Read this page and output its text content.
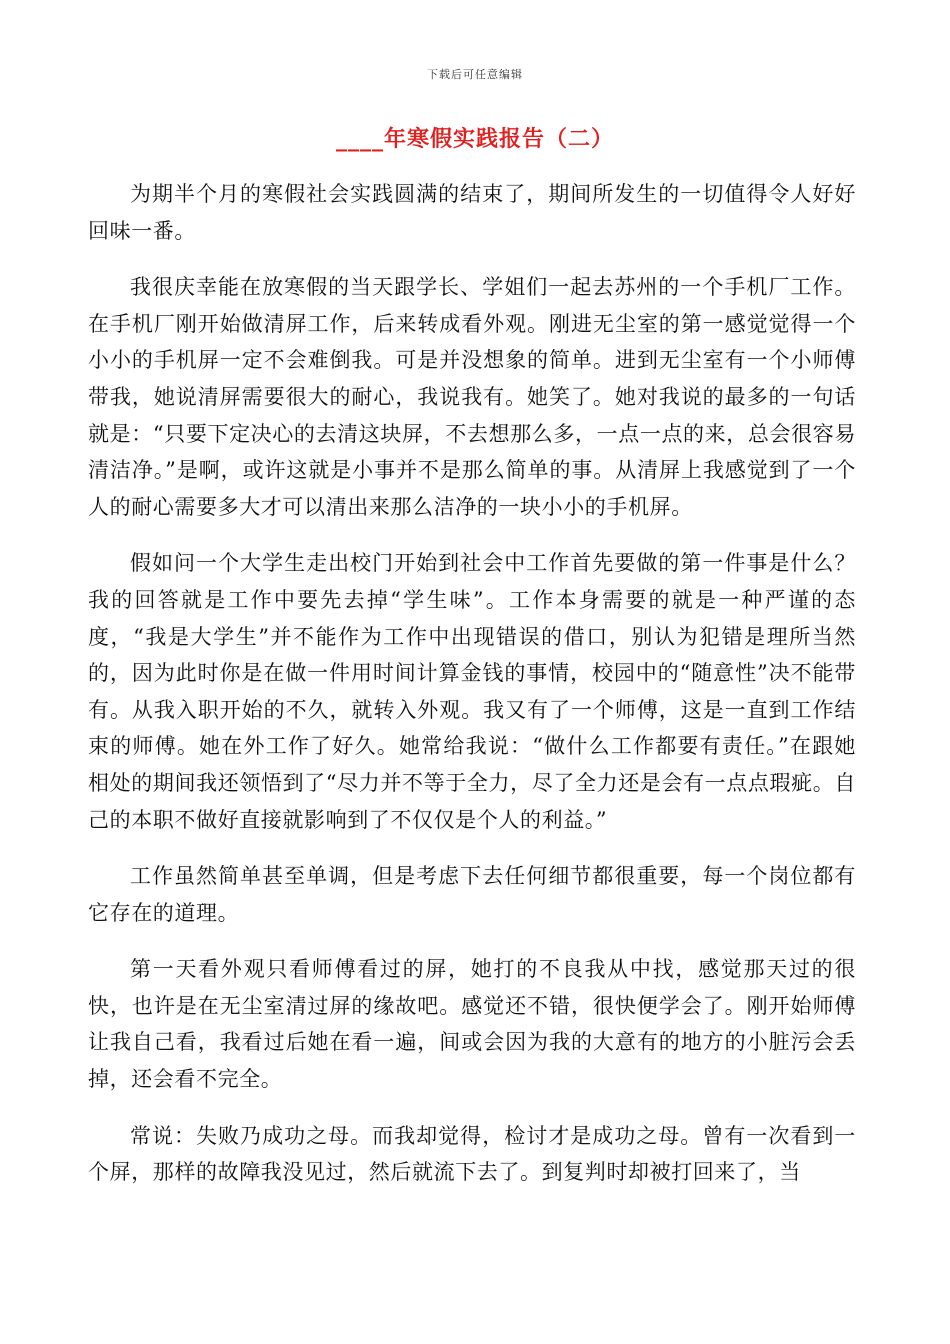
下载后可任意编辑
____年寒假实践报告（二）

为期半个月的寒假社会实践圆满的结束了，期间所发生的一切值得令人好好回味一番。

我很庆幸能在放寒假的当天跟学长、学姐们一起去苏州的一个手机厂工作。在手机厂刚开始做清屏工作，后来转成看外观。刚进无尘室的第一感觉觉得一个小小的手机屏一定不会难倒我。可是并没想象的简单。进到无尘室有一个小师傅带我，她说清屏需要很大的耐心，我说我有。她笑了。她对我说的最多的一句话就是：“只要下定决心的去清这块屏，不去想那么多，一点一点的来，总会很容易清洁净。”是啊，或许这就是小事并不是那么简单的事。从清屏上我感觉到了一个人的耐心需要多大才可以清出来那么洁净的一块小小的手机屏。

假如问一个大学生走出校门开始到社会中工作首先要做的第一件事是什么？我的回答就是工作中要先去掉“学生味”。工作本身需要的就是一种严谨的态度，“我是大学生”并不能作为工作中出现错误的借口，别认为犯错是理所当然的，因为此时你是在做一件用时间计算金钱的事情，校园中的“随意性”决不能带有。从我入职开始的不久，就转入外观。我又有了一个师傅，这是一直到工作结束的师傅。她在外工作了好久。她常给我说：“做什么工作都要有责任。”在跟她相处的期间我还领悟到了“尽力并不等于全力，尽了全力还是会有一点点瑕疵。自己的本职不做好直接就影响到了不仅仅是个人的利益。”

工作虽然简单甚至单调，但是考虑下去任何细节都很重要，每一个岗位都有它存在的道理。

第一天看外观只看师傅看过的屏，她打的不良我从中找，感觉那天过的很快，也许是在无尘室清过屏的缘故吧。感觉还不错，很快便学会了。刚开始师傅让我自己看，我看过后她在看一遍，间或会因为我的大意有的地方的小脏污会丢掉，还会看不完全。

常说：失败乃成功之母。而我却觉得，检讨才是成功之母。曾有一次看到一个屏，那样的故障我没见过，然后就流下去了。到复判时却被打回来了，当
